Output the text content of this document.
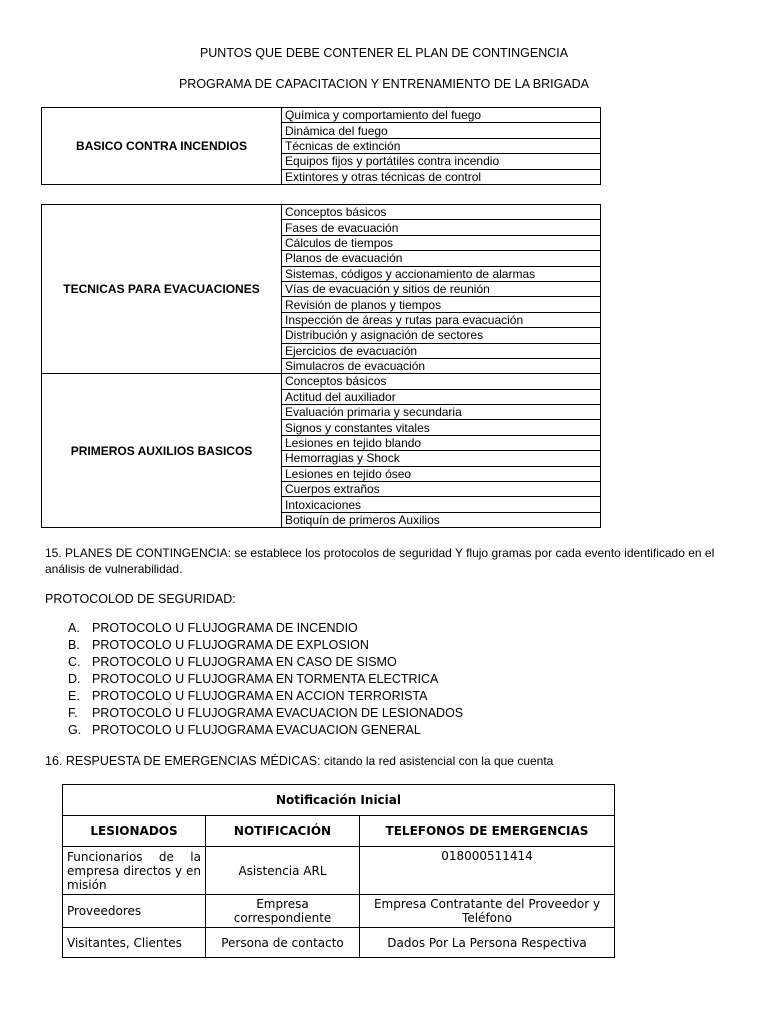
PUNTOS QUE DEBE CONTENER EL PLAN DE CONTINGENCIA
PROGRAMA DE CAPACITACION Y ENTRENAMIENTO DE LA BRIGADA
BASICO CONTRA INCENDIOS	Química y comportamiento del fuego
Dinámica del fuego
Técnicas de extinción
Equipos fijos y portátiles contra incendio
Extintores y otras técnicas de control
TECNICAS PARA EVACUACIONES	Conceptos básicos
	Fases de evacuación
	Cálculos de tiempos
	Planos de evacuación
	Sistemas, códigos y accionamiento de alarmas
	Vías de evacuación y sitios de reunión
	Revisión de planos y tiempos
	Inspección de áreas y rutas para evacuación
	Distribución y asignación de sectores
	Ejercicios de evacuación
	Simulacros de evacuación
PRIMEROS AUXILIOS BASICOS	Conceptos básicos
	Actitud del auxiliador
	Evaluación primaria y secundaria
	Signos y constantes vitales
	Lesiones en tejido blando
	Hemorragias y Shock
	Lesiones en tejido óseo
	Cuerpos extraños
	Intoxicaciones
	Botiquín de primeros Auxilios

15. PLANES DE CONTINGENCIA: se establece los protocolos de seguridad Y flujo gramas por cada evento identificado en el análisis de vulnerabilidad.

PROTOCOLOD DE SEGURIDAD:

A. PROTOCOLO U FLUJOGRAMA DE INCENDIO
B. PROTOCOLO U FLUJOGRAMA DE EXPLOSION
C. PROTOCOLO U FLUJOGRAMA EN CASO DE SISMO
D. PROTOCOLO U FLUJOGRAMA EN TORMENTA ELECTRICA
E. PROTOCOLO U FLUJOGRAMA EN ACCION TERRORISTA
F. PROTOCOLO U FLUJOGRAMA EVACUACION DE LESIONADOS
G. PROTOCOLO U FLUJOGRAMA EVACUACION GENERAL

16. RESPUESTA DE EMERGENCIAS MÉDICAS: citando la red asistencial con la que cuenta

Notificación Inicial		
LESIONADOS	NOTIFICACIÓN	TELEFONOS DE EMERGENCIAS
Funcionarios de la empresa directos y en misión	Asistencia ARL	018000511414
Proveedores	Empresa correspondiente	Empresa Contratante del Proveedor y Teléfono
Visitantes, Clientes	Persona de contacto	Dados Por La Persona Respectiva
